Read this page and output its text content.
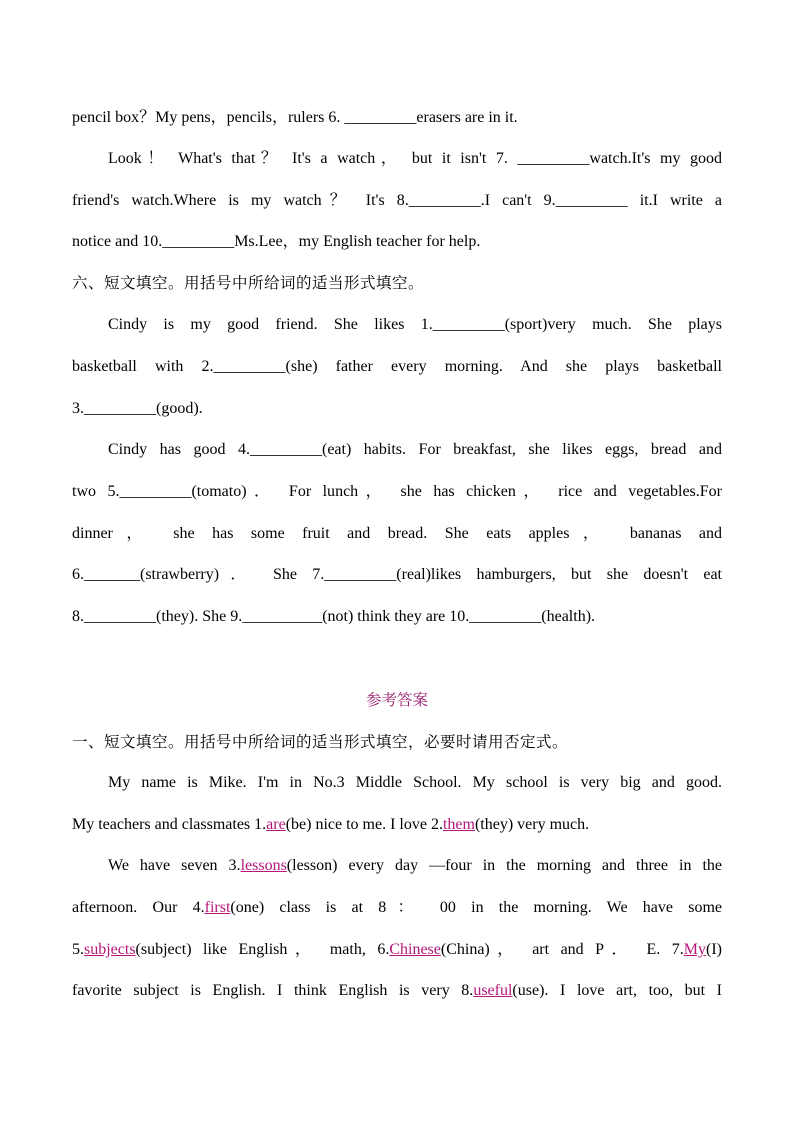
pencil box？My pens，pencils，rulers 6. _________erasers are in it.
Look！ What's that？ It's a watch， but it isn't 7. _________watch.It's my good
friend's watch.Where is my watch？ It's 8._________.I can't 9._________ it.I write a
notice and 10._________Ms.Lee，my English teacher for help.
六、短文填空。用括号中所给词的适当形式填空。
Cindy is my good friend. She likes 1._________(sport)very much. She plays
basketball with 2._________(she) father every morning. And she plays basketball
3._________(good).
Cindy has good 4._________(eat) habits. For breakfast, she likes eggs, bread and
two 5._________(tomato)． For lunch， she has chicken， rice and vegetables.For
dinner， she has some fruit and bread. She eats apples， bananas and
6._______(strawberry)． She 7._________(real)likes hamburgers, but she doesn't eat
8._________(they). She 9.__________(not) think they are 10._________(health).
参考答案
一、短文填空。用括号中所给词的适当形式填空，必要时请用否定式。
My name is Mike. I'm in No.3 Middle School. My school is very big and good.
My teachers and classmates 1.are(be) nice to me. I love 2.them(they) very much.
We have seven 3.lessons(lesson) every day —four in the morning and three in the
afternoon. Our 4.first(one) class is at 8： 00 in the morning. We have some
5.subjects(subject) like English， math, 6.Chinese(China)， art and P． E. 7.My(I)
favorite subject is English. I think English is very 8.useful(use). I love art, too, but I
